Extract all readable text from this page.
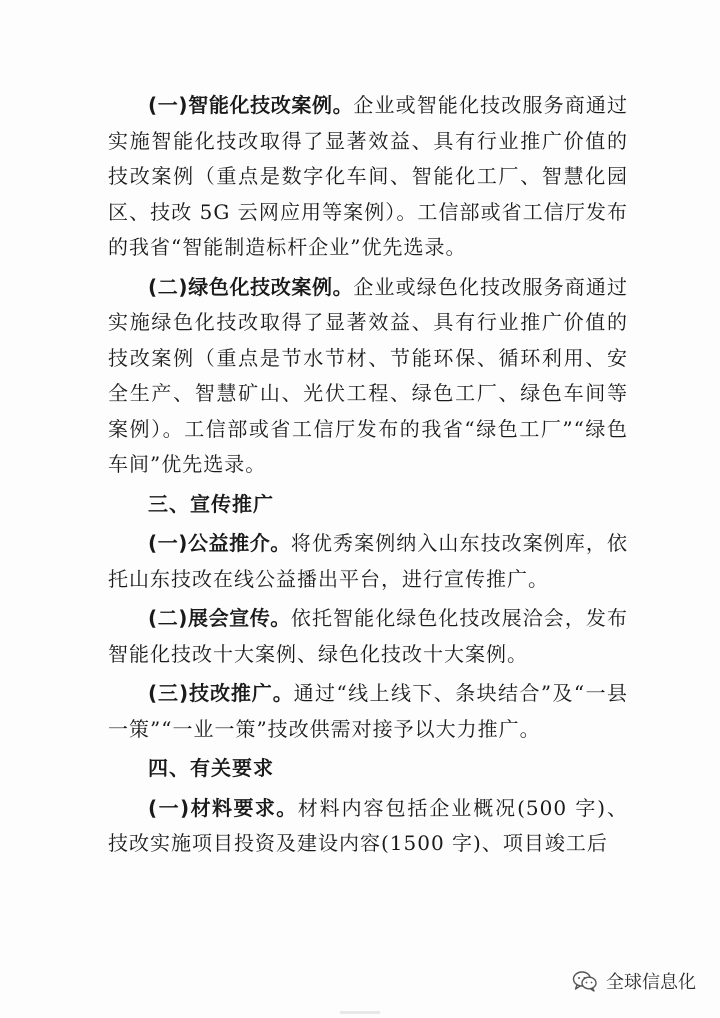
(一)智能化技改案例。企业或智能化技改服务商通过实施智能化技改取得了显著效益、具有行业推广价值的技改案例（重点是数字化车间、智能化工厂、智慧化园区、技改 5G 云网应用等案例）。工信部或省工信厅发布的我省“智能制造标杆企业”优先选录。

(二)绿色化技改案例。企业或绿色化技改服务商通过实施绿色化技改取得了显著效益、具有行业推广价值的技改案例（重点是节水节材、节能环保、循环利用、安全生产、智慧矿山、光伏工程、绿色工厂、绿色车间等案例）。工信部或省工信厅发布的我省“绿色工厂”“绿色车间”优先选录。

三、宣传推广

(一)公益推介。将优秀案例纳入山东技改案例库，依托山东技改在线公益播出平台，进行宣传推广。

(二)展会宣传。依托智能化绿色化技改展洽会，发布智能化技改十大案例、绿色化技改十大案例。

(三)技改推广。通过“线上线下、条块结合”及“一县一策”“一业一策”技改供需对接予以大力推广。

四、有关要求

(一)材料要求。材料内容包括企业概况(500 字)、技改实施项目投资及建设内容(1500 字)、项目竣工后

全球信息化
